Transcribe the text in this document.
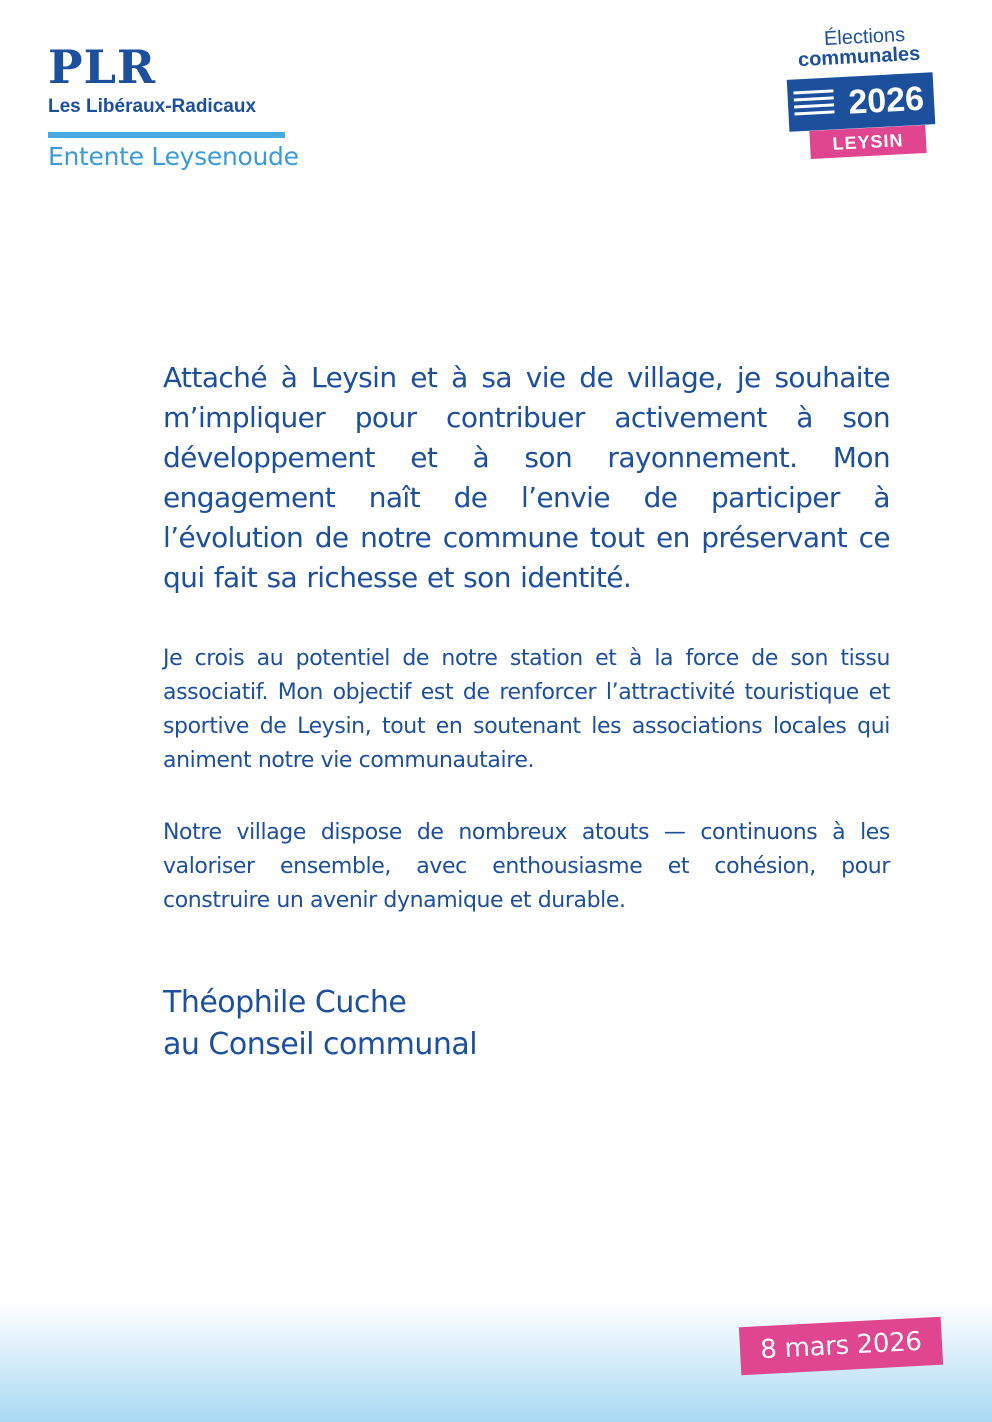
PLR
Les Libéraux-Radicaux
Entente Leysenoude
Élections
communales
2026
LEYSIN

Attaché à Leysin et à sa vie de village, je souhaite m’impliquer pour contribuer activement à son développement et à son rayonnement. Mon engagement naît de l’envie de participer à l’évolution de notre commune tout en préservant ce qui fait sa richesse et son identité.

Je crois au potentiel de notre station et à la force de son tissu associatif. Mon objectif est de renforcer l’attractivité touristique et sportive de Leysin, tout en soutenant les associations locales qui animent notre vie communautaire.

Notre village dispose de nombreux atouts — continuons à les valoriser ensemble, avec enthousiasme et cohésion, pour construire un avenir dynamique et durable.

Théophile Cuche
au Conseil communal
8 mars 2026
